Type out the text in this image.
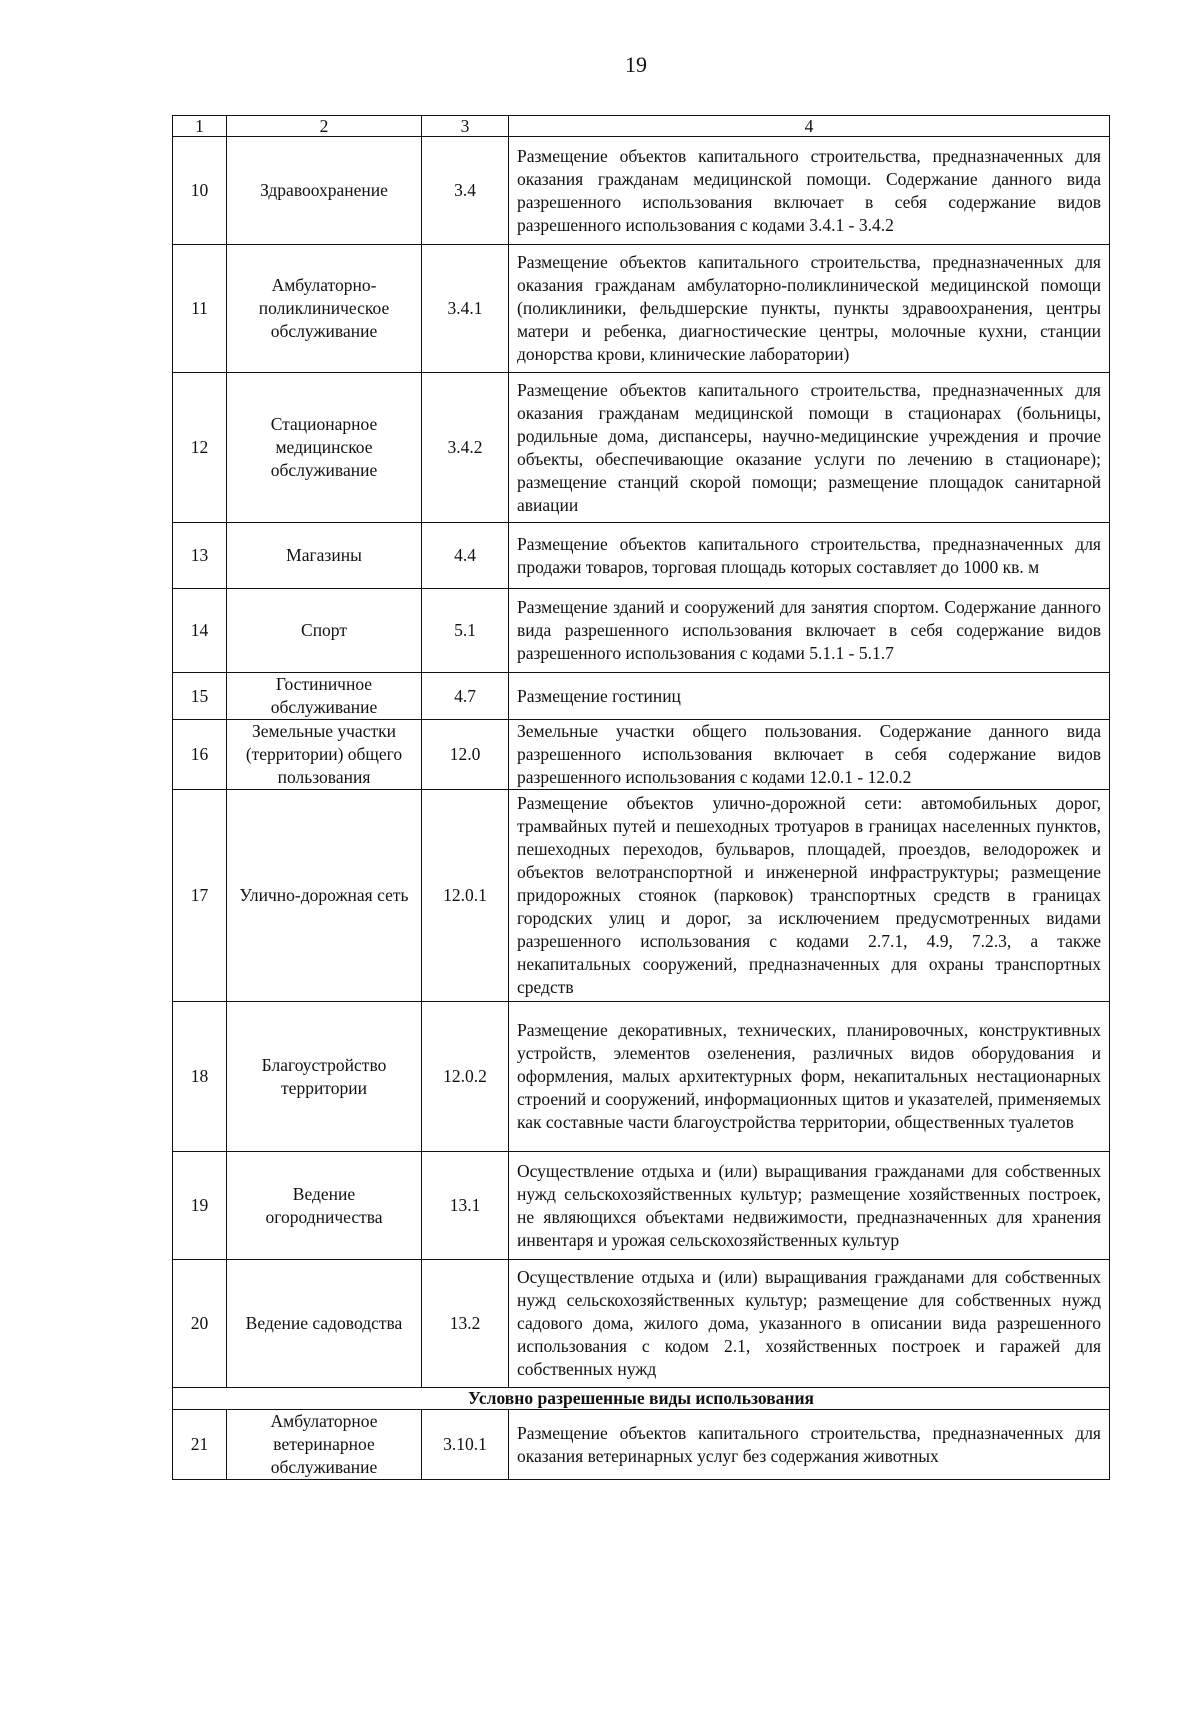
19
1	2	3	4
10	Здравоохранение	3.4	Размещение объектов капитального строительства, предназначенных для оказания гражданам медицинской помощи. Содержание данного вида разрешенного использования включает в себя содержание видов разрешенного использования с кодами 3.4.1 - 3.4.2
11	Амбулаторно-поликлиническое обслуживание	3.4.1	Размещение объектов капитального строительства, предназначенных для оказания гражданам амбулаторно-поликлинической медицинской помощи (поликлиники, фельдшерские пункты, пункты здравоохранения, центры матери и ребенка, диагностические центры, молочные кухни, станции донорства крови, клинические лаборатории)
12	Стационарное медицинское обслуживание	3.4.2	Размещение объектов капитального строительства, предназначенных для оказания гражданам медицинской помощи в стационарах (больницы, родильные дома, диспансеры, научно-медицинские учреждения и прочие объекты, обеспечивающие оказание услуги по лечению в стационаре); размещение станций скорой помощи; размещение площадок санитарной авиации
13	Магазины	4.4	Размещение объектов капитального строительства, предназначенных для продажи товаров, торговая площадь которых составляет до 1000 кв. м
14	Спорт	5.1	Размещение зданий и сооружений для занятия спортом. Содержание данного вида разрешенного использования включает в себя содержание видов разрешенного использования с кодами 5.1.1 - 5.1.7
15	Гостиничное обслуживание	4.7	Размещение гостиниц
16	Земельные участки (территории) общего пользования	12.0	Земельные участки общего пользования. Содержание данного вида разрешенного использования включает в себя содержание видов разрешенного использования с кодами 12.0.1 - 12.0.2
17	Улично-дорожная сеть	12.0.1	Размещение объектов улично-дорожной сети: автомобильных дорог, трамвайных путей и пешеходных тротуаров в границах населенных пунктов, пешеходных переходов, бульваров, площадей, проездов, велодорожек и объектов велотранспортной и инженерной инфраструктуры; размещение придорожных стоянок (парковок) транспортных средств в границах городских улиц и дорог, за исключением предусмотренных видами разрешенного использования с кодами 2.7.1, 4.9, 7.2.3, а также некапитальных сооружений, предназначенных для охраны транспортных средств
18	Благоустройство территории	12.0.2	Размещение декоративных, технических, планировочных, конструктивных устройств, элементов озеленения, различных видов оборудования и оформления, малых архитектурных форм, некапитальных нестационарных строений и сооружений, информационных щитов и указателей, применяемых как составные части благоустройства территории, общественных туалетов
19	Ведение огородничества	13.1	Осуществление отдыха и (или) выращивания гражданами для собственных нужд сельскохозяйственных культур; размещение хозяйственных построек, не являющихся объектами недвижимости, предназначенных для хранения инвентаря и урожая сельскохозяйственных культур
20	Ведение садоводства	13.2	Осуществление отдыха и (или) выращивания гражданами для собственных нужд сельскохозяйственных культур; размещение для собственных нужд садового дома, жилого дома, указанного в описании вида разрешенного использования с кодом 2.1, хозяйственных построек и гаражей для собственных нужд
Условно разрешенные виды использования			
21	Амбулаторное ветеринарное обслуживание	3.10.1	Размещение объектов капитального строительства, предназначенных для оказания ветеринарных услуг без содержания животных
